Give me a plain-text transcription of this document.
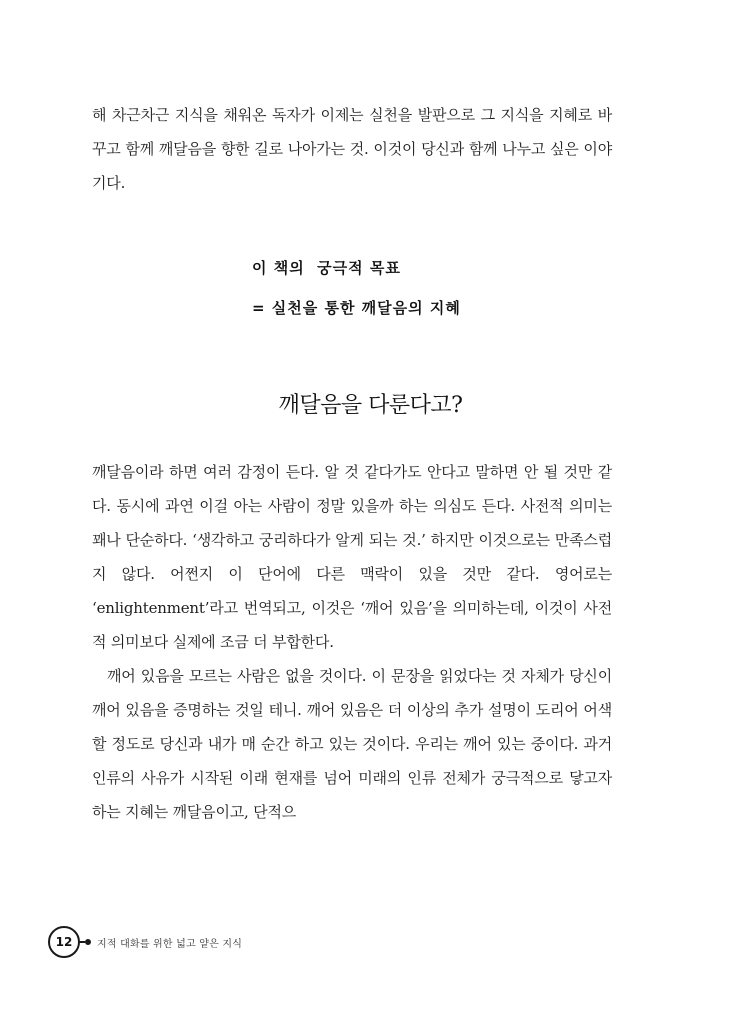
해 차근차근 지식을 채워온 독자가 이제는 실천을 발판으로 그 지식을 지혜로 바꾸고 함께 깨달음을 향한 길로 나아가는 것. 이것이 당신과 함께 나누고 싶은 이야기다.

이 책의  궁극적 목표
= 실천을 통한 깨달음의 지혜
깨달음을 다룬다고?

깨달음이라 하면 여러 감정이 든다. 알 것 같다가도 안다고 말하면 안 될 것만 같다. 동시에 과연 이걸 아는 사람이 정말 있을까 하는 의심도 든다. 사전적 의미는 꽤나 단순하다. ‘생각하고 궁리하다가 알게 되는 것.’ 하지만 이것으로는 만족스럽지 않다. 어쩐지 이 단어에 다른 맥락이 있을 것만 같다. 영어로는 ‘enlightenment’라고 번역되고, 이것은 ‘깨어 있음’을 의미하는데, 이것이 사전적 의미보다 실제에 조금 더 부합한다.

깨어 있음을 모르는 사람은 없을 것이다. 이 문장을 읽었다는 것 자체가 당신이 깨어 있음을 증명하는 것일 테니. 깨어 있음은 더 이상의 추가 설명이 도리어 어색할 정도로 당신과 내가 매 순간 하고 있는 것이다. 우리는 깨어 있는 중이다. 과거 인류의 사유가 시작된 이래 현재를 넘어 미래의 인류 전체가 궁극적으로 닿고자 하는 지혜는 깨달음이고, 단적으

12 지적 대화를 위한 넓고 얕은 지식
